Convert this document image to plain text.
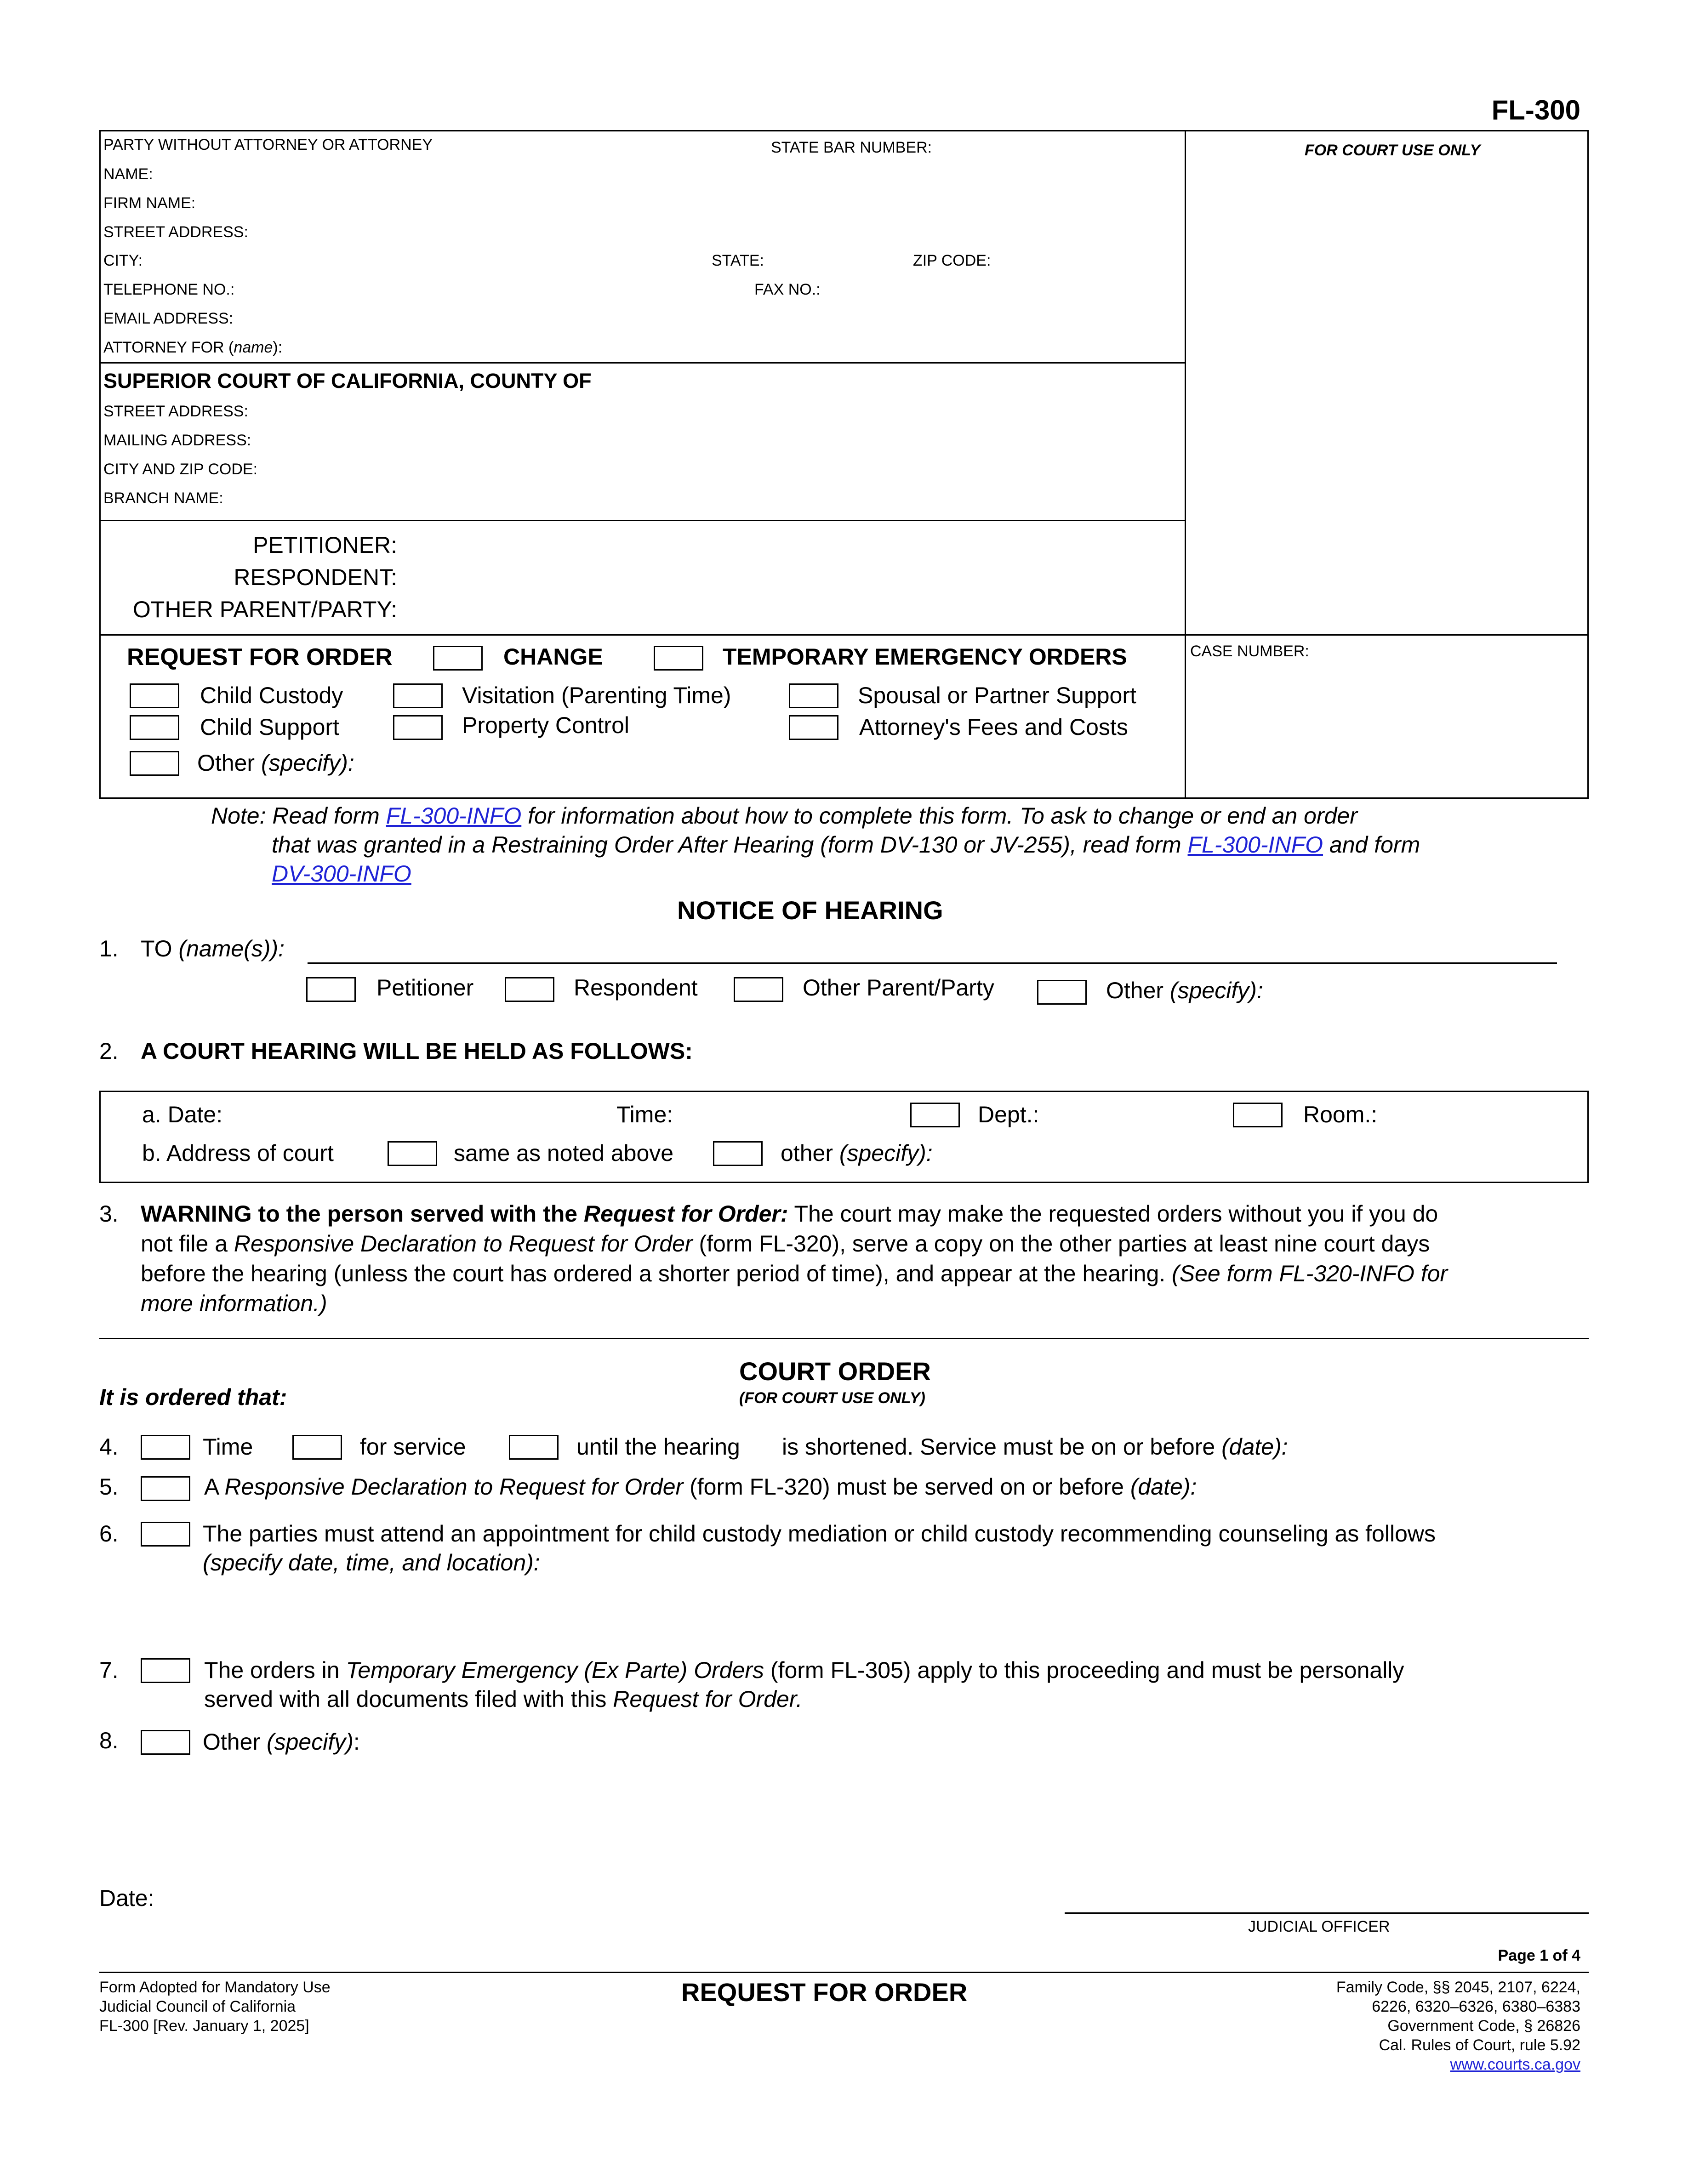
FL-300
PARTY WITHOUT ATTORNEY OR ATTORNEY	STATE BAR NUMBER:	FOR COURT USE ONLY
NAME:
FIRM NAME:
STREET ADDRESS:
CITY:	STATE:	ZIP CODE:
TELEPHONE NO.:	FAX NO.:
EMAIL ADDRESS:
ATTORNEY FOR (name):
SUPERIOR COURT OF CALIFORNIA, COUNTY OF
STREET ADDRESS:
MAILING ADDRESS:
CITY AND ZIP CODE:
BRANCH NAME:
PETITIONER:
RESPONDENT:
OTHER PARENT/PARTY:
REQUEST FOR ORDER	CHANGE	TEMPORARY EMERGENCY ORDERS	CASE NUMBER:
Child Custody	Visitation (Parenting Time)	Spousal or Partner Support
Child Support	Property Control	Attorney's Fees and Costs
Other (specify):
Note: Read form FL-300-INFO for information about how to complete this form. To ask to change or end an order
that was granted in a Restraining Order After Hearing (form DV-130 or JV-255), read form FL-300-INFO and form
DV-300-INFO
NOTICE OF HEARING
1. TO (name(s)):
Petitioner	Respondent	Other Parent/Party	Other (specify):
2. A COURT HEARING WILL BE HELD AS FOLLOWS:
a. Date:	Time:	Dept.:	Room.:
b. Address of court	same as noted above	other (specify):
3. WARNING to the person served with the Request for Order: The court may make the requested orders without you if you do
not file a Responsive Declaration to Request for Order (form FL-320), serve a copy on the other parties at least nine court days
before the hearing (unless the court has ordered a shorter period of time), and appear at the hearing. (See form FL-320-INFO for
more information.)
COURT ORDER
(FOR COURT USE ONLY)
It is ordered that:
4.	Time	for service	until the hearing is shortened. Service must be on or before (date):
5.	A Responsive Declaration to Request for Order (form FL-320) must be served on or before (date):
6.	The parties must attend an appointment for child custody mediation or child custody recommending counseling as follows
(specify date, time, and location):
7.	The orders in Temporary Emergency (Ex Parte) Orders (form FL-305) apply to this proceeding and must be personally
served with all documents filed with this Request for Order.
8.	Other (specify):
Date:
JUDICIAL OFFICER
Page 1 of 4
Form Adopted for Mandatory Use
Judicial Council of California
FL-300 [Rev. January 1, 2025]
REQUEST FOR ORDER	Family Code, §§ 2045, 2107, 6224,
6226, 6320–6326, 6380–6383
Government Code, § 26826
Cal. Rules of Court, rule 5.92
www.courts.ca.gov
